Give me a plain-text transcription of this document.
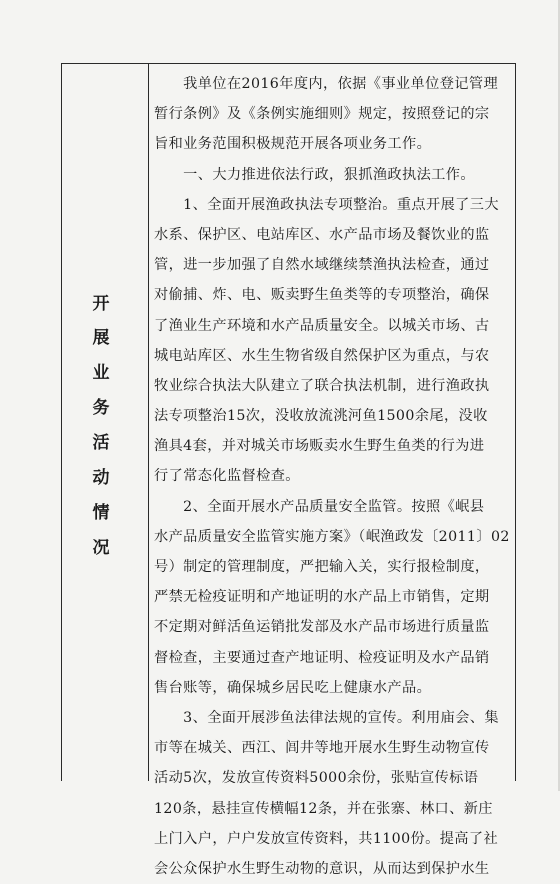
开
展
业
务
活
动
情
况
　　我单位在2016年度内，依据《事业单位登记管理
暂行条例》及《条例实施细则》规定，按照登记的宗
旨和业务范围积极规范开展各项业务工作。
　　一、大力推进依法行政，狠抓渔政执法工作。
　　1、全面开展渔政执法专项整治。重点开展了三大
水系、保护区、电站库区、水产品市场及餐饮业的监
管，进一步加强了自然水域继续禁渔执法检查，通过
对偷捕、炸、电、贩卖野生鱼类等的专项整治，确保
了渔业生产环境和水产品质量安全。以城关市场、古
城电站库区、水生生物省级自然保护区为重点，与农
牧业综合执法大队建立了联合执法机制，进行渔政执
法专项整治15次，没收放流洮河鱼1500余尾，没收
渔具4套，并对城关市场贩卖水生野生鱼类的行为进
行了常态化监督检查。
　　2、全面开展水产品质量安全监管。按照《岷县
水产品质量安全监管实施方案》（岷渔政发〔2011〕02
号）制定的管理制度，严把输入关，实行报检制度，
严禁无检疫证明和产地证明的水产品上市销售，定期
不定期对鲜活鱼运销批发部及水产品市场进行质量监
督检查，主要通过查产地证明、检疫证明及水产品销
售台账等，确保城乡居民吃上健康水产品。
　　3、全面开展涉鱼法律法规的宣传。利用庙会、集
市等在城关、西江、闾井等地开展水生野生动物宣传
活动5次，发放宣传资料5000余份，张贴宣传标语
120条，悬挂宣传横幅12条，并在张寨、林口、新庄
上门入户，户户发放宣传资料，共1100份。提高了社
会公众保护水生野生动物的意识，从而达到保护水生
